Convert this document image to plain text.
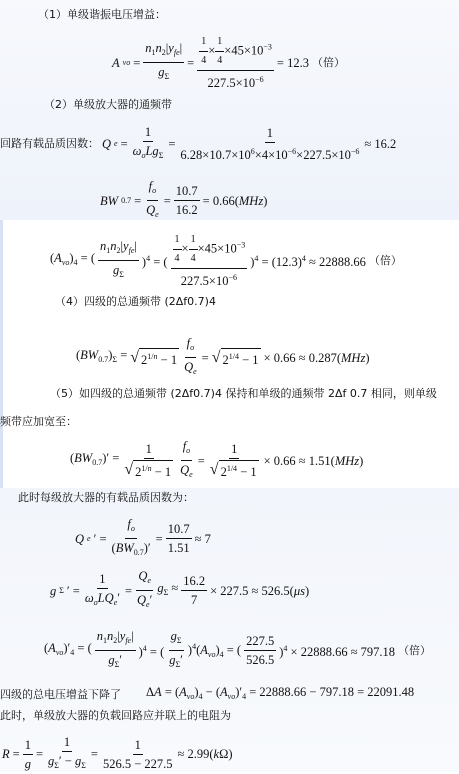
（1）单级谐振电压增益：
A vo = $\frac{n_1n_2|y_{fe}|}{g_\Sigma} = \frac{\frac{1}{4} \times \frac{1}{4} \times 45\times 10^{-3}}{227.5\times 10^{-6}} = 12.3$ （倍）
（2）单级放大器的通频带
回路有载品质因数： Q $e = \frac{1}{\omega_oLg_\Sigma} = \frac{1}{6.28\times 10.7\times 10^6\times 4\times 10^{-6}\times 227.5\times 10^{-6}} \approx 16.2$
BW $0.7 = \frac{f_o}{Q_e} = \frac{10.7}{16.2} = 0.66(MHz)$
$(A_{vo})_4$ = ( $\frac{n_1n_2|y_{fe}|}{g_\Sigma} )^4$ = ( $\frac{\frac{1}{4} \times \frac{1}{4} \times 45\times 10^{-3}}{227.5\times 10^{-6}} )^4 = (12.3)^4 \approx 22888.66$ （倍）
（4）四级的总通频带 (2Δf0.7)4
$(BW_{0.7})_\Sigma$ = √ $2^{1/n} - 1 \frac{f_o}{Q_e}$ = √ $2^{1/4} - 1 \times 0.66 \approx 0.287(MHz)$
（5）如四级的总通频带 (2Δf0.7)4 保持和单级的通频带 2Δf 0.7 相同，则单级
频带应加宽至：
$(BW_{0.7})' = \frac{1}{√ 2^{1/n} - 1} \frac{f_o}{Q_e} = \frac{1}{√ 2^{1/4} - 1} \times 0.66 \approx 1.51(MHz)$
此时每级放大器的有载品质因数为：
Q e ′ = $\frac{f_o}{(BW_{0.7})'} = \frac{10.7}{1.51} \approx 7$
g Σ ′ = $\frac{1}{\omega_oLQ_e'} = \frac{Q_e}{Q_e'} g_\Sigma \approx \frac{16.2}{7} \times 227.5 \approx 526.5(\mu s)$
$(A_{vo})'_4$ = ( $\frac{n_1n_2|y_{fe}|}{g_\Sigma'} )^4$ = ( $\frac{g_\Sigma}{g_\Sigma'} )^4(A_{vo})_4$ = ( $\frac{227.5}{526.5} )^4 \times 22888.66 \approx 797.18$ （倍）
四级的总电压增益下降了 $\Delta A = (A_{vo})_4 - (A_{vo})'_4 = 22888.66 - 797.18 = 22091.48$
此时，单级放大器的负载回路应并联上的电阻为
$R = \frac{1}{g} = \frac{1}{g_\Sigma' - g_\Sigma} = \frac{1}{526.5 - 227.5} \approx 2.99(k\Omega)$
